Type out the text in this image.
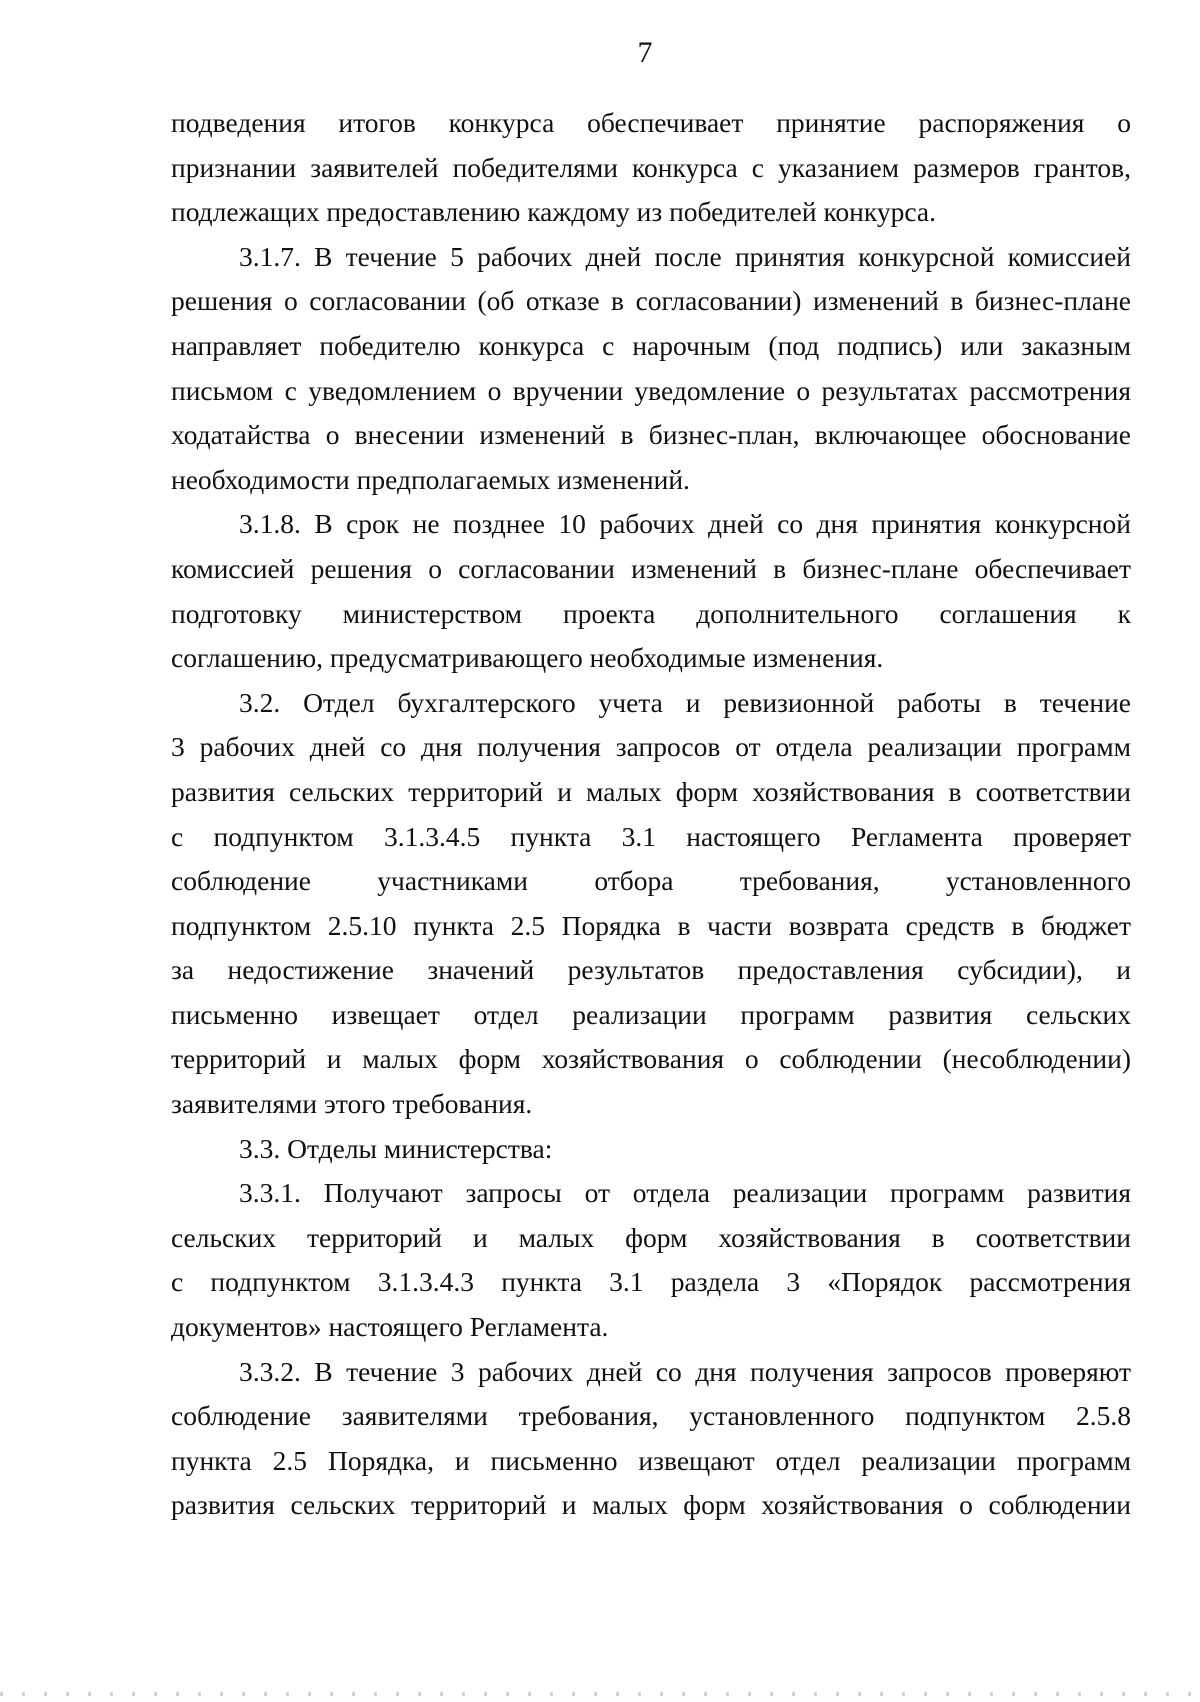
7
подведения итогов конкурса обеспечивает принятие распоряжения о
признании заявителей победителями конкурса с указанием размеров грантов,
подлежащих предоставлению каждому из победителей конкурса.
3.1.7. В течение 5 рабочих дней после принятия конкурсной комиссией
решения о согласовании (об отказе в согласовании) изменений в бизнес-плане
направляет победителю конкурса с нарочным (под подпись) или заказным
письмом с уведомлением о вручении уведомление о результатах рассмотрения
ходатайства о внесении изменений в бизнес-план, включающее обоснование
необходимости предполагаемых изменений.
3.1.8. В срок не позднее 10 рабочих дней со дня принятия конкурсной
комиссией решения о согласовании изменений в бизнес-плане обеспечивает
подготовку министерством проекта дополнительного соглашения к
соглашению, предусматривающего необходимые изменения.
3.2. Отдел бухгалтерского учета и ревизионной работы в течение
3 рабочих дней со дня получения запросов от отдела реализации программ
развития сельских территорий и малых форм хозяйствования в соответствии
с подпунктом 3.1.3.4.5 пункта 3.1 настоящего Регламента проверяет
соблюдение участниками отбора требования, установленного
подпунктом 2.5.10 пункта 2.5 Порядка в части возврата средств в бюджет
за недостижение значений результатов предоставления субсидии), и
письменно извещает отдел реализации программ развития сельских
территорий и малых форм хозяйствования о соблюдении (несоблюдении)
заявителями этого требования.
3.3. Отделы министерства:
3.3.1. Получают запросы от отдела реализации программ развития
сельских территорий и малых форм хозяйствования в соответствии
с подпунктом 3.1.3.4.3 пункта 3.1 раздела 3 «Порядок рассмотрения
документов» настоящего Регламента.
3.3.2. В течение 3 рабочих дней со дня получения запросов проверяют
соблюдение заявителями требования, установленного подпунктом 2.5.8
пункта 2.5 Порядка, и письменно извещают отдел реализации программ
развития сельских территорий и малых форм хозяйствования о соблюдении
